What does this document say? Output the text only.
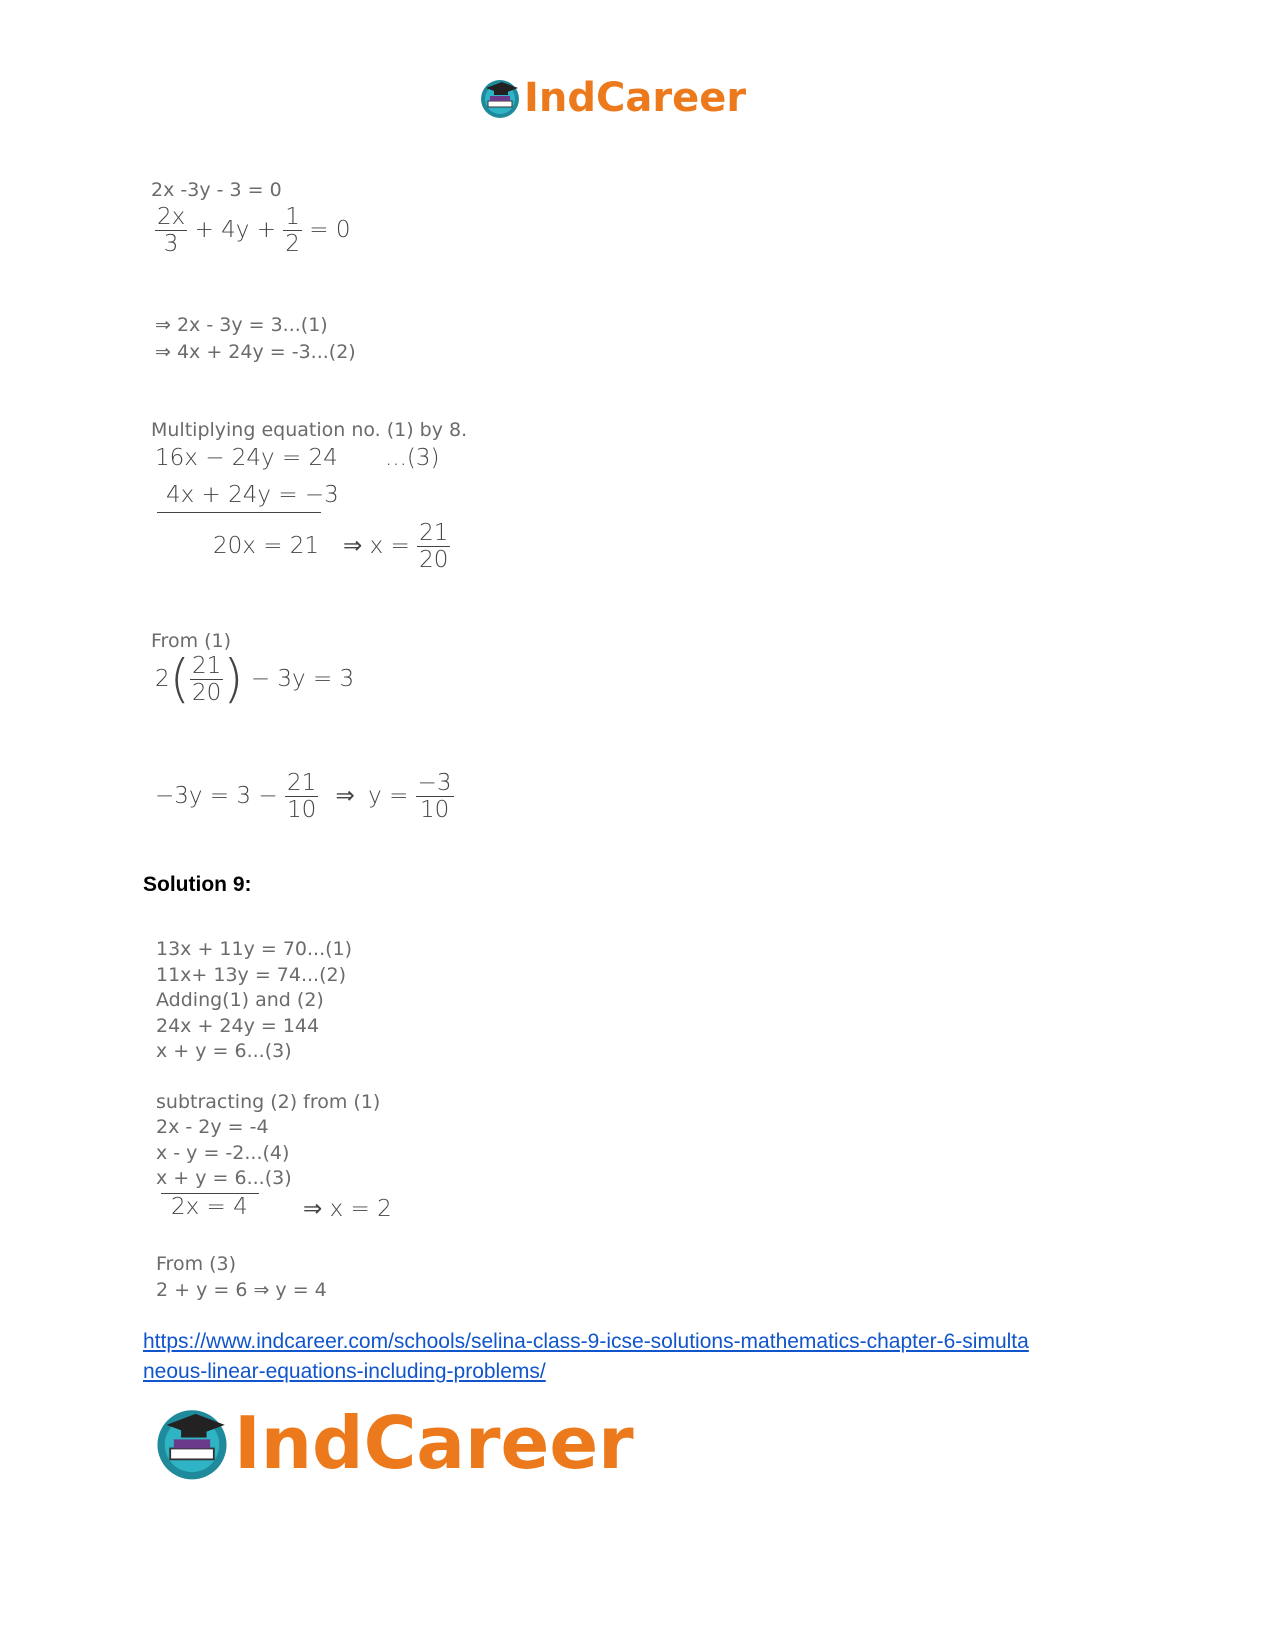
IndCareer
2x -3y - 3 = 0
$\frac{2x}{3} + 4y + \frac{1}{2} = 0$
⇒ 2x - 3y = 3...(1)
⇒ 4x + 24y = -3...(2)
Multiplying equation no. (1) by 8.
16x − 24y = 24 ...(3)
4x + 24y = −3
20x = 21 ⇒ $x = \frac{21}{20}$
From (1)
$2( \frac{21}{20}$ ) − 3y = 3
$-3y = 3 - \frac{21}{10}$ ⇒ $y = \frac{-3}{10}$
Solution 9:
13x + 11y = 70...(1)
11x+ 13y = 74...(2)
Adding(1) and (2)
24x + 24y = 144
x + y = 6...(3)
subtracting (2) from (1)
2x - 2y = -4
x - y = -2...(4)
x + y = 6...(3)
2x = 4 ⇒ x = 2
From (3)
2 + y = 6 ⇒ y = 4
https://www.indcareer.com/schools/selina-class-9-icse-solutions-mathematics-chapter-6-simulta
neous-linear-equations-including-problems/
IndCareer
